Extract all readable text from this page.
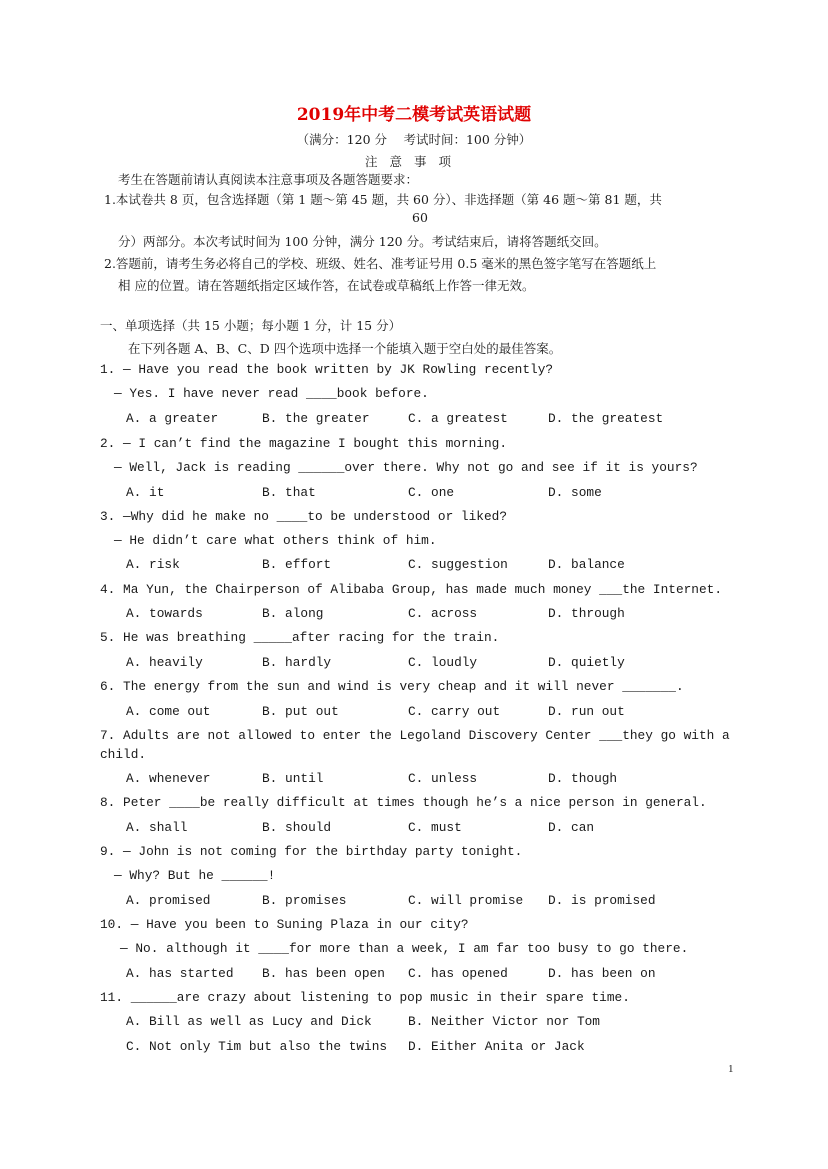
2019年中考二模考试英语试题
（满分：120 分　 考试时间：100 分钟）
注意事项
考生在答题前请认真阅读本注意事项及各题答题要求：
1.本试卷共 8 页，包含选择题（第 1 题～第 45 题，共 60 分）、非选择题（第 46 题～第 81 题，共
60
分）两部分。本次考试时间为 100 分钟，满分 120 分。考试结束后，请将答题纸交回。
2.答题前，请考生务必将自己的学校、班级、姓名、准考证号用 0.5 毫米的黑色签字笔写在答题纸上
相 应的位置。请在答题纸指定区域作答，在试卷或草稿纸上作答一律无效。
一、单项选择（共 15 小题；每小题 1 分，计 15 分）
在下列各题 A、B、C、D 四个选项中选择一个能填入题于空白处的最佳答案。
1. — Have you read the book written by JK Rowling recently?
— Yes. I have never read ____book before.
A. a greater	B. the greater	C. a greatest	D. the greatest
2. — I can’t find the magazine I bought this morning.
— Well, Jack is reading ______over there. Why not go and see if it is yours?
A. it	B. that	C. one	D. some
3. —Why did he make no ____to be understood or liked?
— He didn’t care what others think of him.
A. risk	B. effort	C. suggestion	D. balance
4. Ma Yun, the Chairperson of Alibaba Group, has made much money ___the Internet.
A. towards	B. along	C. across	D. through
5. He was breathing _____after racing for the train.
A. heavily	B. hardly	C. loudly	D. quietly
6. The energy from the sun and wind is very cheap and it will never _______.
A. come out	B. put out	C. carry out	D. run out
7. Adults are not allowed to enter the Legoland Discovery Center ___they go with a
child.
A. whenever	B. until	C. unless	D. though
8. Peter ____be really difficult at times though he’s a nice person in general.
A. shall	B. should	C. must	D. can
9. — John is not coming for the birthday party tonight.
— Why? But he ______!
A. promised	B. promises	C. will promise D. is promised
10. — Have you been to Suning Plaza in our city?
— No. although it ____for more than a week, I am far too busy to go there.
A. has started B. has been open C. has opened	D. has been on
11. ______are crazy about listening to pop music in their spare time.
A. Bill as well as Lucy and Dick	B. Neither Victor nor Tom
C. Not only Tim but also the twins D. Either Anita or Jack
1
